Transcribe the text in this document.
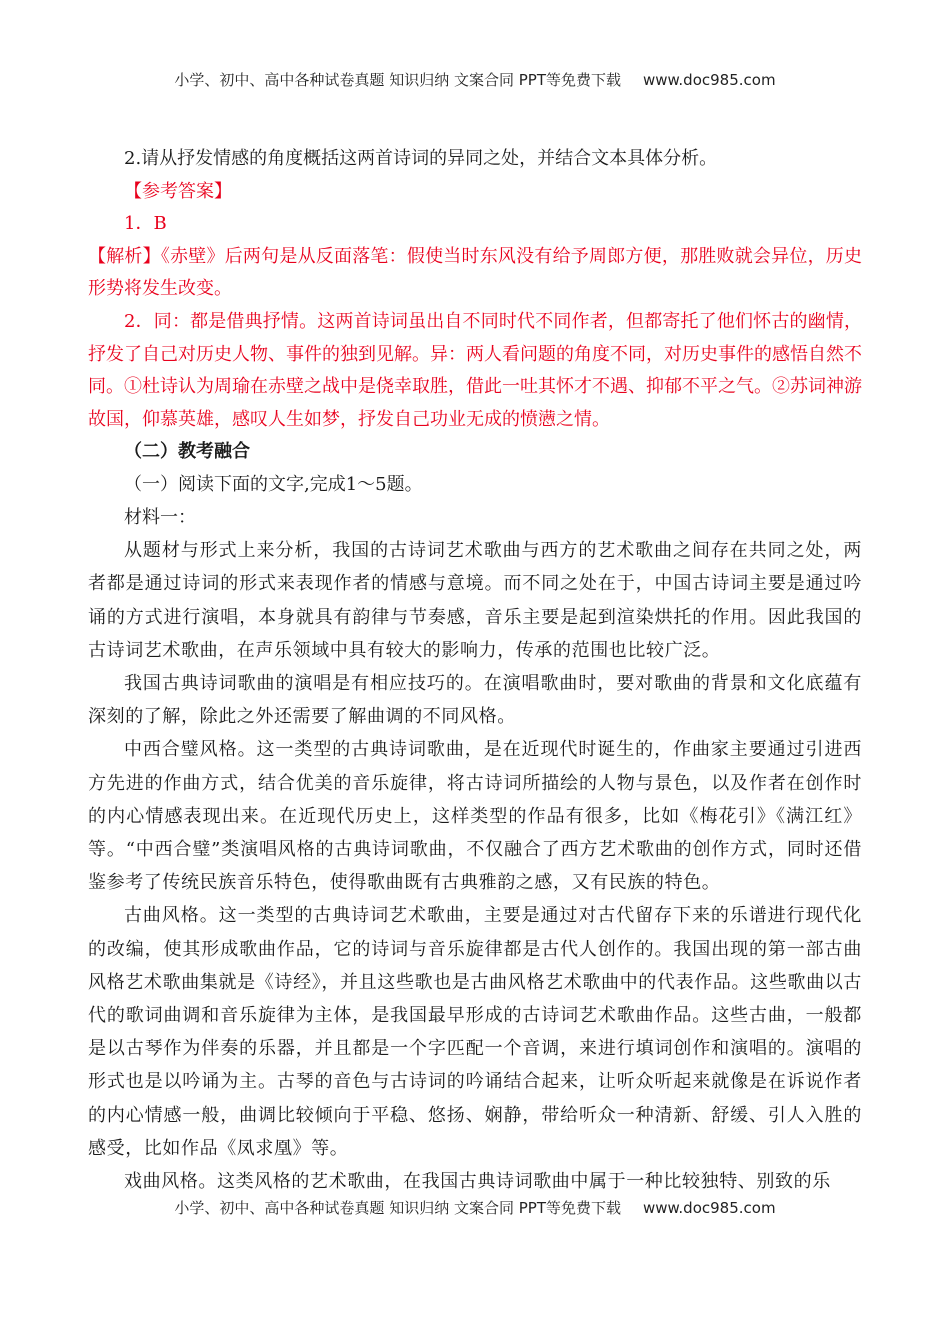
小学、初中、高中各种试卷真题 知识归纳 文案合同 PPT等免费下载 www.doc985.com

2.请从抒发情感的角度概括这两首诗词的异同之处，并结合文本具体分析。

【参考答案】

1．B

【解析】《赤壁》后两句是从反面落笔：假使当时东风没有给予周郎方便，那胜败就会异位，历史形势将发生改变。

2．同：都是借典抒情。这两首诗词虽出自不同时代不同作者，但都寄托了他们怀古的幽情，抒发了自己对历史人物、事件的独到见解。异：两人看问题的角度不同，对历史事件的感悟自然不同。①杜诗认为周瑜在赤壁之战中是侥幸取胜，借此一吐其怀才不遇、抑郁不平之气。②苏词神游故国，仰慕英雄，感叹人生如梦，抒发自己功业无成的愤懑之情。

（二）教考融合

（一）阅读下面的文字,完成1～5题。

材料一：

从题材与形式上来分析，我国的古诗词艺术歌曲与西方的艺术歌曲之间存在共同之处，两者都是通过诗词的形式来表现作者的情感与意境。而不同之处在于，中国古诗词主要是通过吟诵的方式进行演唱，本身就具有韵律与节奏感，音乐主要是起到渲染烘托的作用。因此我国的古诗词艺术歌曲，在声乐领域中具有较大的影响力，传承的范围也比较广泛。

我国古典诗词歌曲的演唱是有相应技巧的。在演唱歌曲时，要对歌曲的背景和文化底蕴有深刻的了解，除此之外还需要了解曲调的不同风格。

中西合璧风格。这一类型的古典诗词歌曲，是在近现代时诞生的，作曲家主要通过引进西方先进的作曲方式，结合优美的音乐旋律，将古诗词所描绘的人物与景色，以及作者在创作时的内心情感表现出来。在近现代历史上，这样类型的作品有很多，比如《梅花引》《满江红》等。“中西合璧”类演唱风格的古典诗词歌曲，不仅融合了西方艺术歌曲的创作方式，同时还借鉴参考了传统民族音乐特色，使得歌曲既有古典雅韵之感，又有民族的特色。

古曲风格。这一类型的古典诗词艺术歌曲，主要是通过对古代留存下来的乐谱进行现代化的改编，使其形成歌曲作品，它的诗词与音乐旋律都是古代人创作的。我国出现的第一部古曲风格艺术歌曲集就是《诗经》，并且这些歌也是古曲风格艺术歌曲中的代表作品。这些歌曲以古代的歌词曲调和音乐旋律为主体，是我国最早形成的古诗词艺术歌曲作品。这些古曲，一般都是以古琴作为伴奏的乐器，并且都是一个字匹配一个音调，来进行填词创作和演唱的。演唱的形式也是以吟诵为主。古琴的音色与古诗词的吟诵结合起来，让听众听起来就像是在诉说作者的内心情感一般，曲调比较倾向于平稳、悠扬、娴静，带给听众一种清新、舒缓、引人入胜的感受，比如作品《凤求凰》等。

戏曲风格。这类风格的艺术歌曲，在我国古典诗词歌曲中属于一种比较独特、别致的乐

小学、初中、高中各种试卷真题 知识归纳 文案合同 PPT等免费下载 www.doc985.com
